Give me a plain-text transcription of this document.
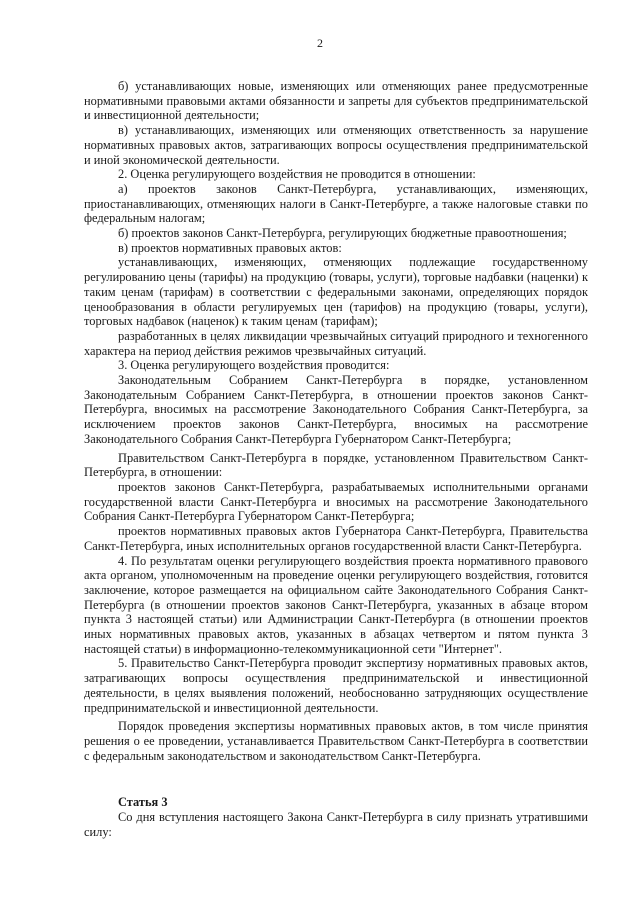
2

б) устанавливающих новые, изменяющих или отменяющих ранее предусмотренные нормативными правовыми актами обязанности и запреты для субъектов предпринимательской и инвестиционной деятельности;

в) устанавливающих, изменяющих или отменяющих ответственность за нарушение нормативных правовых актов, затрагивающих вопросы осуществления предпринимательской и иной экономической деятельности.

2. Оценка регулирующего воздействия не проводится в отношении:

а) проектов законов Санкт-Петербурга, устанавливающих, изменяющих, приостанавливающих, отменяющих налоги в Санкт-Петербурге, а также налоговые ставки по федеральным налогам;

б) проектов законов Санкт-Петербурга, регулирующих бюджетные правоотношения;

в) проектов нормативных правовых актов:

устанавливающих, изменяющих, отменяющих подлежащие государственному регулированию цены (тарифы) на продукцию (товары, услуги), торговые надбавки (наценки) к таким ценам (тарифам) в соответствии с федеральными законами, определяющих порядок ценообразования в области регулируемых цен (тарифов) на продукцию (товары, услуги), торговых надбавок (наценок) к таким ценам (тарифам);

разработанных в целях ликвидации чрезвычайных ситуаций природного и техногенного характера на период действия режимов чрезвычайных ситуаций.

3. Оценка регулирующего воздействия проводится:

Законодательным Собранием Санкт-Петербурга в порядке, установленном Законодательным Собранием Санкт-Петербурга, в отношении проектов законов Санкт-Петербурга, вносимых на рассмотрение Законодательного Собрания Санкт-Петербурга, за исключением проектов законов Санкт-Петербурга, вносимых на рассмотрение Законодательного Собрания Санкт-Петербурга Губернатором Санкт-Петербурга;

Правительством Санкт-Петербурга в порядке, установленном Правительством Санкт-Петербурга, в отношении:

проектов законов Санкт-Петербурга, разрабатываемых исполнительными органами государственной власти Санкт-Петербурга и вносимых на рассмотрение Законодательного Собрания Санкт-Петербурга Губернатором Санкт-Петербурга;

проектов нормативных правовых актов Губернатора Санкт-Петербурга, Правительства Санкт-Петербурга, иных исполнительных органов государственной власти Санкт-Петербурга.

4. По результатам оценки регулирующего воздействия проекта нормативного правового акта органом, уполномоченным на проведение оценки регулирующего воздействия, готовится заключение, которое размещается на официальном сайте Законодательного Собрания Санкт-Петербурга (в отношении проектов законов Санкт-Петербурга, указанных в абзаце втором пункта 3 настоящей статьи) или Администрации Санкт-Петербурга (в отношении проектов иных нормативных правовых актов, указанных в абзацах четвертом и пятом пункта 3 настоящей статьи) в информационно-телекоммуникационной сети "Интернет".

5. Правительство Санкт-Петербурга проводит экспертизу нормативных правовых актов, затрагивающих вопросы осуществления предпринимательской и инвестиционной деятельности, в целях выявления положений, необоснованно затрудняющих осуществление предпринимательской и инвестиционной деятельности.

Порядок проведения экспертизы нормативных правовых актов, в том числе принятия решения о ее проведении, устанавливается Правительством Санкт-Петербурга в соответствии с федеральным законодательством и законодательством Санкт-Петербурга.

Статья 3

Со дня вступления настоящего Закона Санкт-Петербурга в силу признать утратившими силу:
